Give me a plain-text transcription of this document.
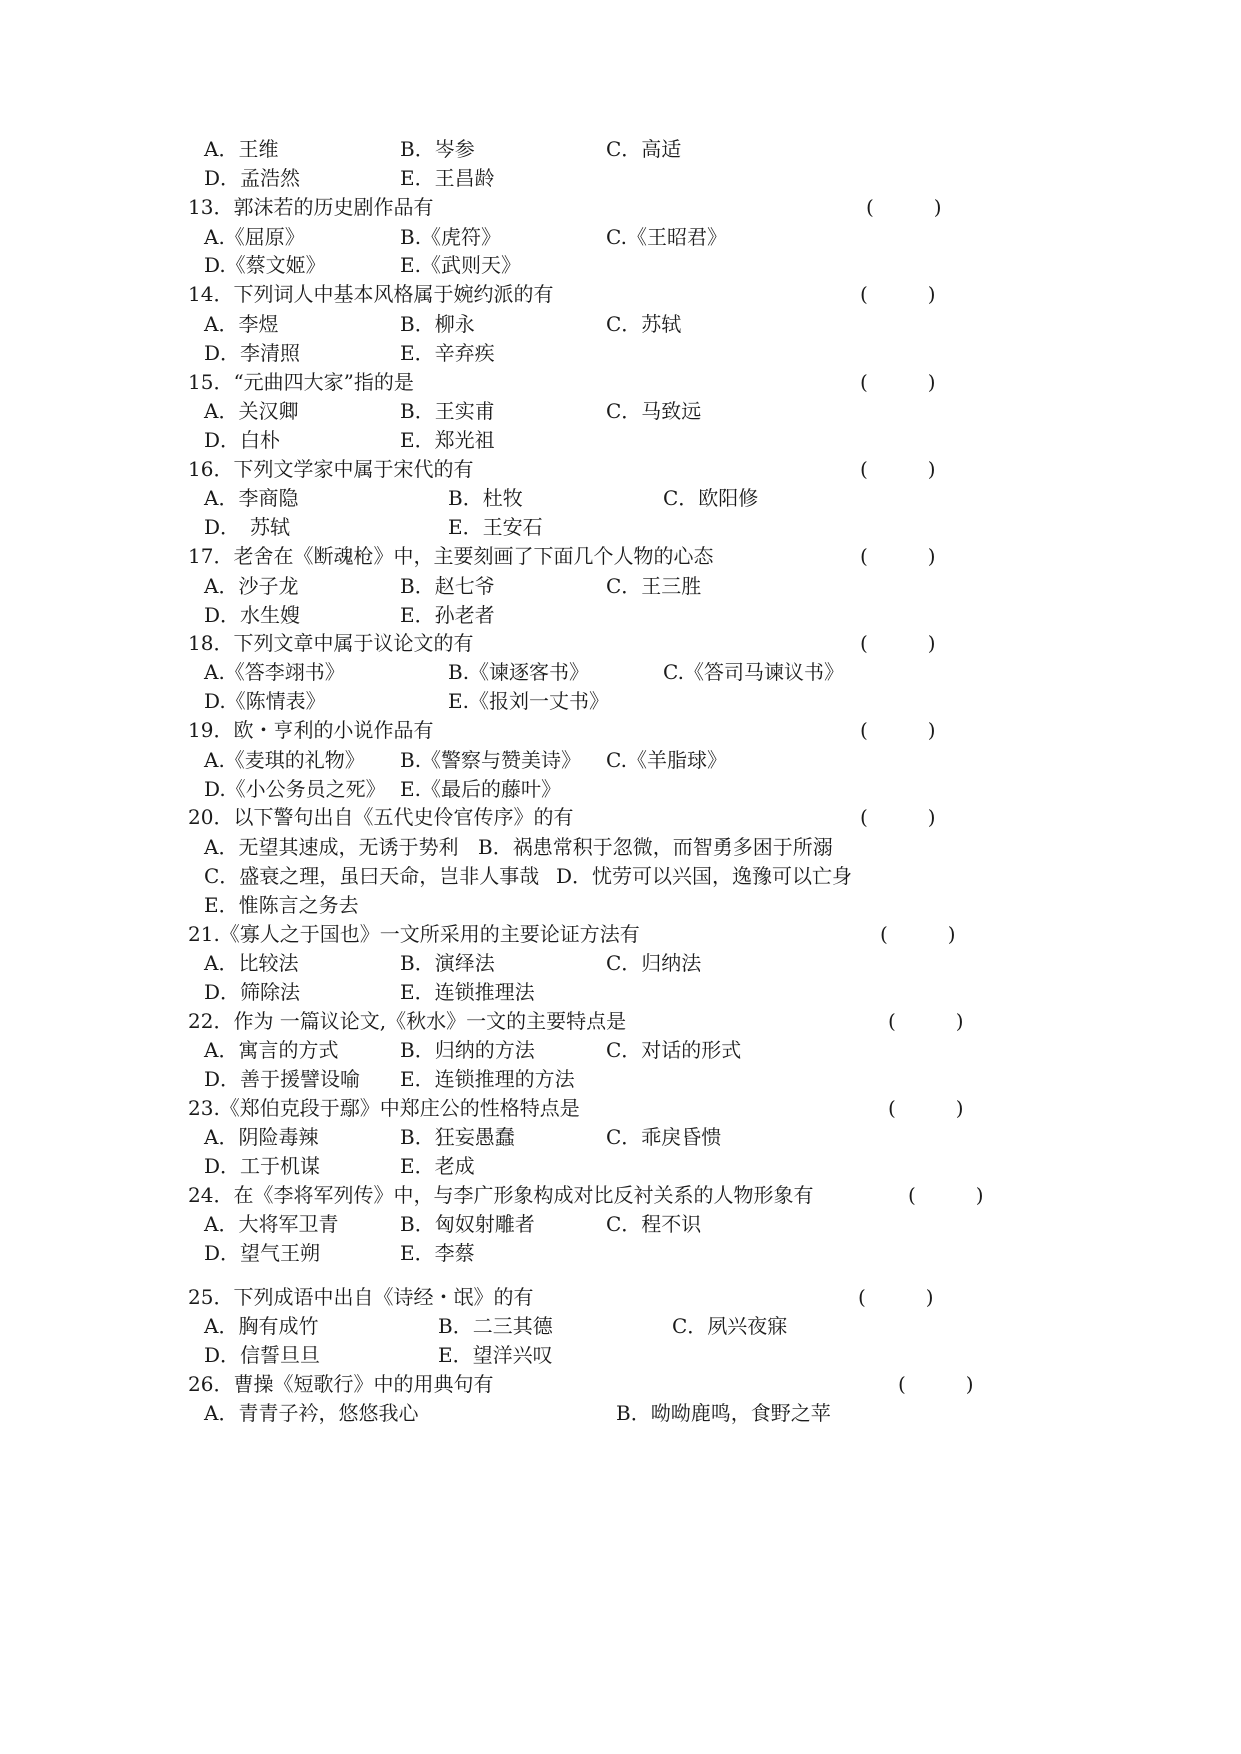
A．王维	B．岑参	C．高适
D．孟浩然	E．王昌龄
13．郭沫若的历史剧作品有	(　　　)
A.《屈原》	B.《虎符》	C.《王昭君》
D.《蔡文姬》	E.《武则天》
14．下列词人中基本风格属于婉约派的有	(　　　)
A．李煜	B．柳永	C．苏轼
D．李清照	E．辛弃疾
15．“元曲四大家”指的是	(　　　)
A．关汉卿	B．王实甫	C．马致远
D．白朴	E．郑光祖
16．下列文学家中属于宋代的有	(　　　)
A．李商隐	B．杜牧	C．欧阳修
D．　苏轼	E．王安石
17．老舍在《断魂枪》中，主要刻画了下面几个人物的心态	(　　　)
A．沙子龙	B．赵七爷	C．王三胜
D．水生嫂	E．孙老者
18．下列文章中属于议论文的有	(　　　)
A.《答李翊书》	B.《谏逐客书》	C.《答司马谏议书》
D.《陈情表》	E.《报刘一丈书》
19．欧・亨利的小说作品有	(　　　)
A.《麦琪的礼物》 B.《警察与赞美诗》 C.《羊脂球》
D.《小公务员之死》 E.《最后的藤叶》
20．以下警句出自《五代史伶官传序》的有	(　　　)
A．无望其速成，无诱于势利 B．祸患常积于忽微，而智勇多困于所溺
C．盛衰之理，虽曰天命，岂非人事哉 D．忧劳可以兴国，逸豫可以亡身
E．惟陈言之务去
21.《寡人之于国也》一文所采用的主要论证方法有	(　　　)
A．比较法	B．演绎法	C．归纳法
D．筛除法	E．连锁推理法
22．作为 一篇议论文,《秋水》一文的主要特点是	(　　　)
A．寓言的方式	B．归纳的方法	C．对话的形式
D．善于援譬设喻 E．连锁推理的方法
23.《郑伯克段于鄢》中郑庄公的性格特点是	(　　　)
A．阴险毒辣	B．狂妄愚蠢	C．乖戾昏愦
D．工于机谋	E．老成
24．在《李将军列传》中，与李广形象构成对比反衬关系的人物形象有	(　　　)
A．大将军卫青	B．匈奴射雕者	C．程不识
D．望气王朔	E．李蔡
25．下列成语中出自《诗经・氓》的有	(　　　)
A．胸有成竹	B．二三其德	C．夙兴夜寐
D．信誓旦旦	E．望洋兴叹
26．曹操《短歌行》中的用典句有	(　　　)
A．青青子衿，悠悠我心	B．呦呦鹿鸣，食野之苹
